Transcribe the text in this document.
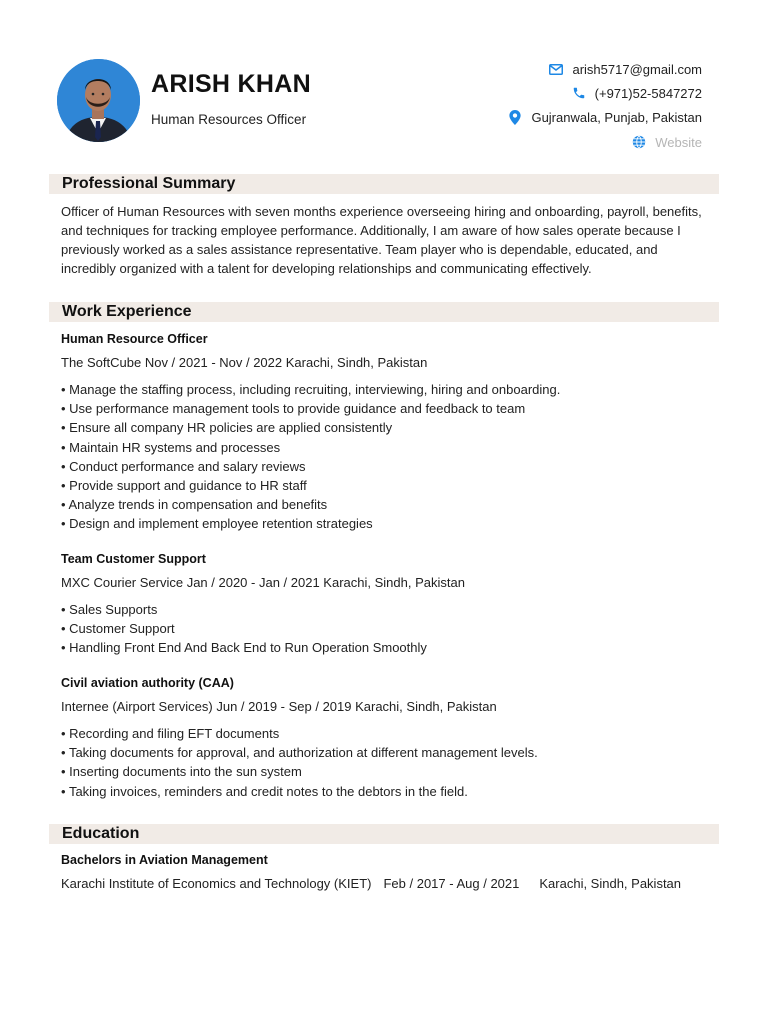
ARISH KHAN
Human Resources Officer
arish5717@gmail.com
(+971)52-5847272
Gujranwala, Punjab, Pakistan
Website
Professional Summary
Officer of Human Resources with seven months experience overseeing hiring and onboarding, payroll, benefits, and techniques for tracking employee performance. Additionally, I am aware of how sales operate because I previously worked as a sales assistance representative. Team player who is dependable, educated, and incredibly organized with a talent for developing relationships and communicating effectively.
Work Experience
Human Resource Officer
The SoftCube Nov / 2021 - Nov / 2022 Karachi, Sindh, Pakistan
• Manage the staffing process, including recruiting, interviewing, hiring and onboarding.
• Use performance management tools to provide guidance and feedback to team
• Ensure all company HR policies are applied consistently
• Maintain HR systems and processes
• Conduct performance and salary reviews
• Provide support and guidance to HR staff
• Analyze trends in compensation and benefits
• Design and implement employee retention strategies
Team Customer Support
MXC Courier Service Jan / 2020 - Jan / 2021 Karachi, Sindh, Pakistan
• Sales Supports
• Customer Support
• Handling Front End And Back End to Run Operation Smoothly
Civil aviation authority (CAA)
Internee (Airport Services) Jun / 2019 - Sep / 2019 Karachi, Sindh, Pakistan
• Recording and filing EFT documents
• Taking documents for approval, and authorization at different management levels.
• Inserting documents into the sun system
• Taking invoices, reminders and credit notes to the debtors in the field.
Education
Bachelors in Aviation Management
Karachi Institute of Economics and Technology (KIET) Feb / 2017 - Aug / 2021 Karachi, Sindh, Pakistan
